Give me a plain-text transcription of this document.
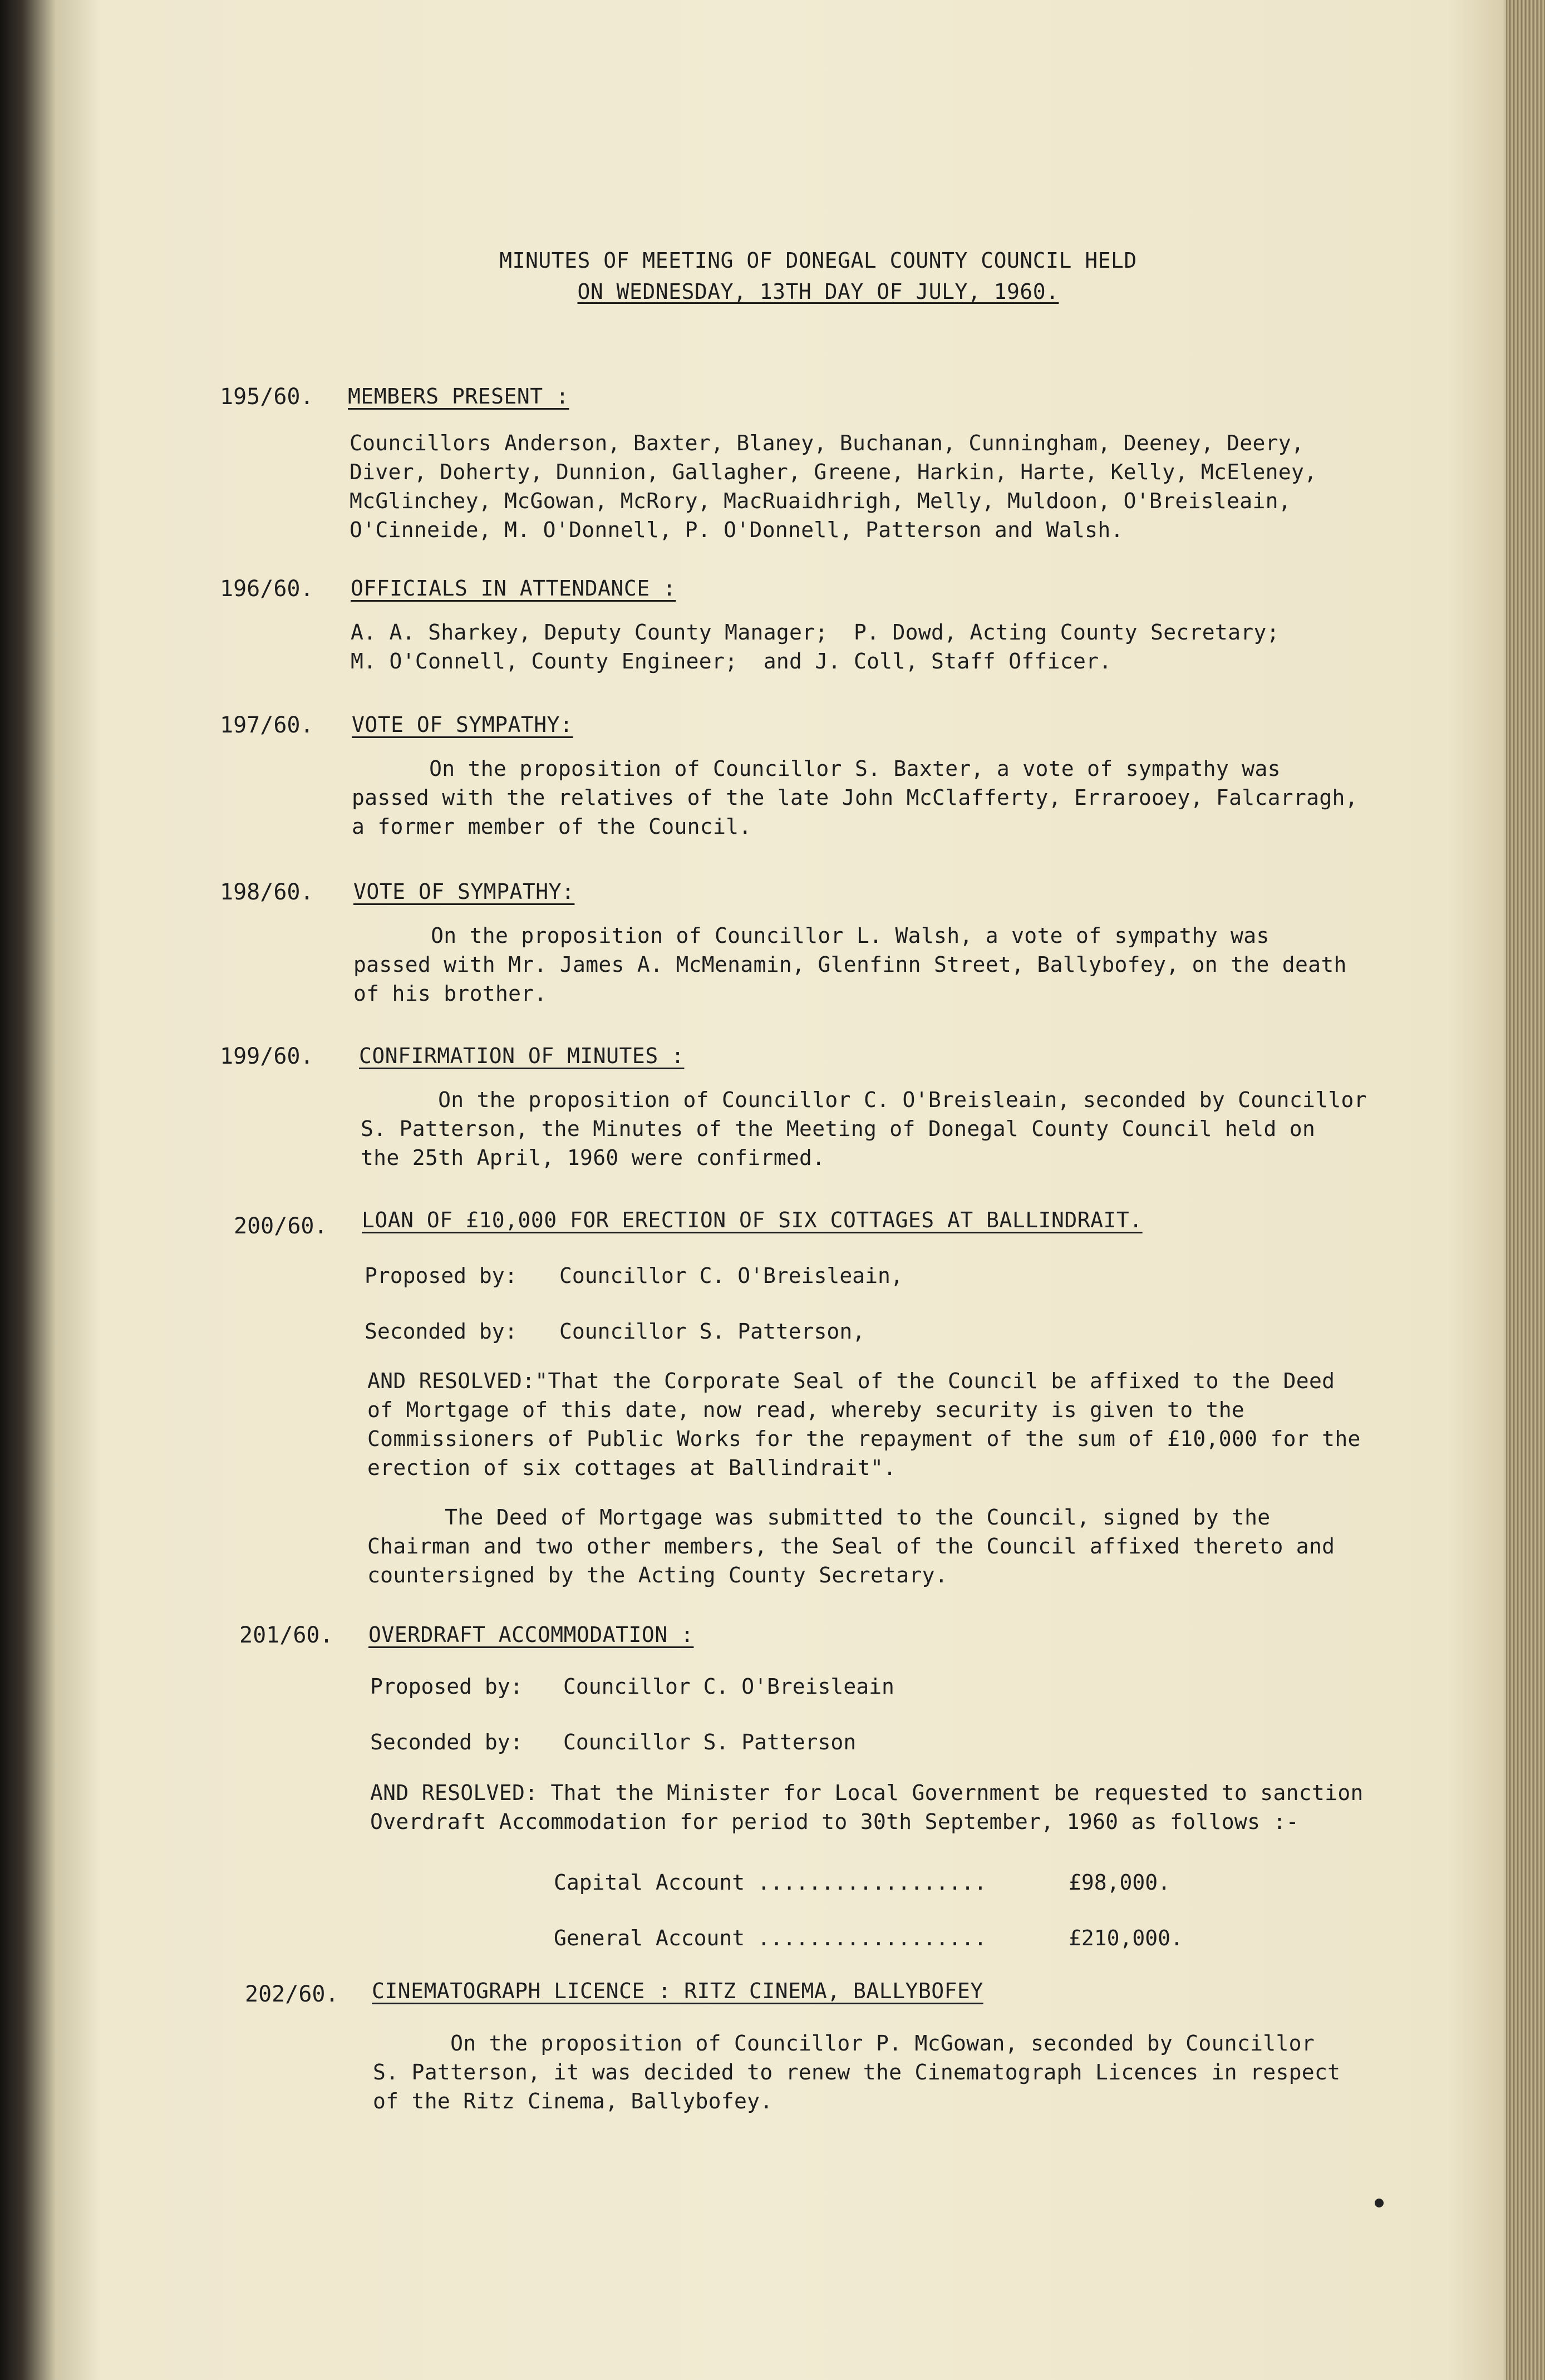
MINUTES OF MEETING OF DONEGAL COUNTY COUNCIL HELD
ON WEDNESDAY, 13TH DAY OF JULY, 1960.
195/60. MEMBERS PRESENT :
Councillors Anderson, Baxter, Blaney, Buchanan, Cunningham, Deeney, Deery,
Diver, Doherty, Dunnion, Gallagher, Greene, Harkin, Harte, Kelly, McEleney,
McGlinchey, McGowan, McRory, MacRuaidhrigh, Melly, Muldoon, O'Breisleain,
O'Cinneide, M. O'Donnell, P. O'Donnell, Patterson and Walsh.
196/60. OFFICIALS IN ATTENDANCE :
A. A. Sharkey, Deputy County Manager;  P. Dowd, Acting County Secretary;
M. O'Connell, County Engineer;  and J. Coll, Staff Officer.
197/60. VOTE OF SYMPATHY:
On the proposition of Councillor S. Baxter, a vote of sympathy was
passed with the relatives of the late John McClafferty, Errarooey, Falcarragh,
a former member of the Council.
198/60. VOTE OF SYMPATHY:
On the proposition of Councillor L. Walsh, a vote of sympathy was
passed with Mr. James A. McMenamin, Glenfinn Street, Ballybofey, on the death
of his brother.
199/60. CONFIRMATION OF MINUTES :
On the proposition of Councillor C. O'Breisleain, seconded by Councillor
S. Patterson, the Minutes of the Meeting of Donegal County Council held on
the 25th April, 1960 were confirmed.
200/60. LOAN OF £10,000 FOR ERECTION OF SIX COTTAGES AT BALLINDRAIT.
Proposed by: Councillor C. O'Breisleain,
Seconded by: Councillor S. Patterson,
AND RESOLVED:"That the Corporate Seal of the Council be affixed to the Deed
of Mortgage of this date, now read, whereby security is given to the
Commissioners of Public Works for the repayment of the sum of £10,000 for the
erection of six cottages at Ballindrait".
The Deed of Mortgage was submitted to the Council, signed by the
Chairman and two other members, the Seal of the Council affixed thereto and
countersigned by the Acting County Secretary.
201/60. OVERDRAFT ACCOMMODATION :
Proposed by: Councillor C. O'Breisleain
Seconded by: Councillor S. Patterson
AND RESOLVED: That the Minister for Local Government be requested to sanction
Overdraft Accommodation for period to 30th September, 1960 as follows :-
Capital Account ..................	£98,000.
General Account ..................	£210,000.
202/60. CINEMATOGRAPH LICENCE : RITZ CINEMA, BALLYBOFEY
On the proposition of Councillor P. McGowan, seconded by Councillor
S. Patterson, it was decided to renew the Cinematograph Licences in respect
of the Ritz Cinema, Ballybofey.
